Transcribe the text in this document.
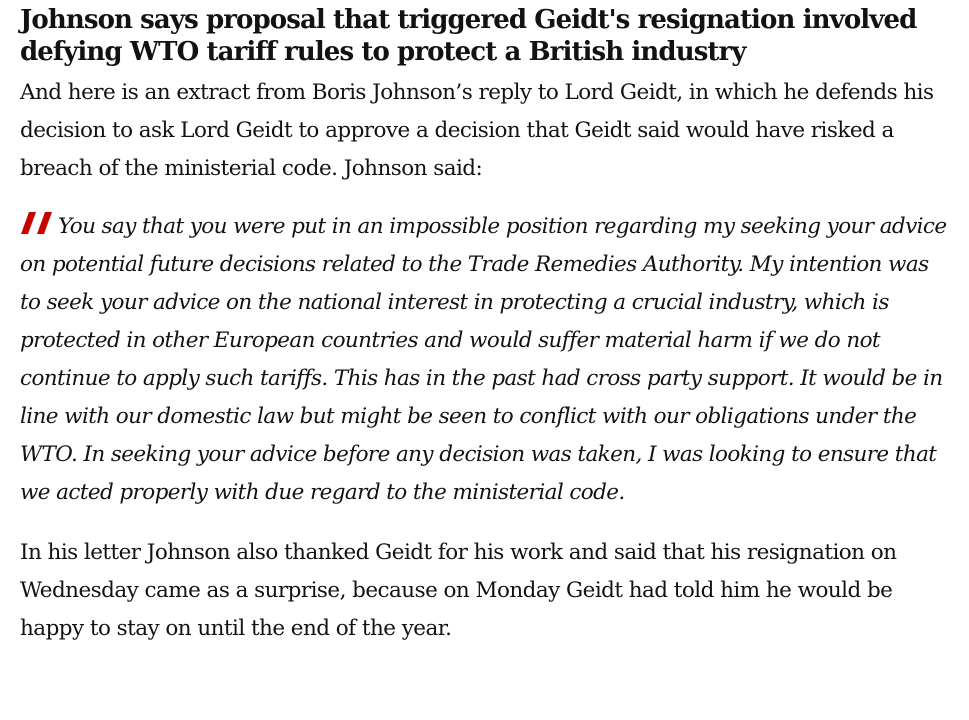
Johnson says proposal that triggered Geidt's resignation involved defying WTO tariff rules to protect a British industry

And here is an extract from Boris Johnson’s reply to Lord Geidt, in which he defends his decision to ask Lord Geidt to approve a decision that Geidt said would have risked a breach of the ministerial code. Johnson said:

You say that you were put in an impossible position regarding my seeking your advice on potential future decisions related to the Trade Remedies Authority. My intention was to seek your advice on the national interest in protecting a crucial industry, which is protected in other European countries and would suffer material harm if we do not continue to apply such tariffs. This has in the past had cross party support. It would be in line with our domestic law but might be seen to conflict with our obligations under the WTO. In seeking your advice before any decision was taken, I was looking to ensure that we acted properly with due regard to the ministerial code.

In his letter Johnson also thanked Geidt for his work and said that his resignation on Wednesday came as a surprise, because on Monday Geidt had told him he would be happy to stay on until the end of the year.
